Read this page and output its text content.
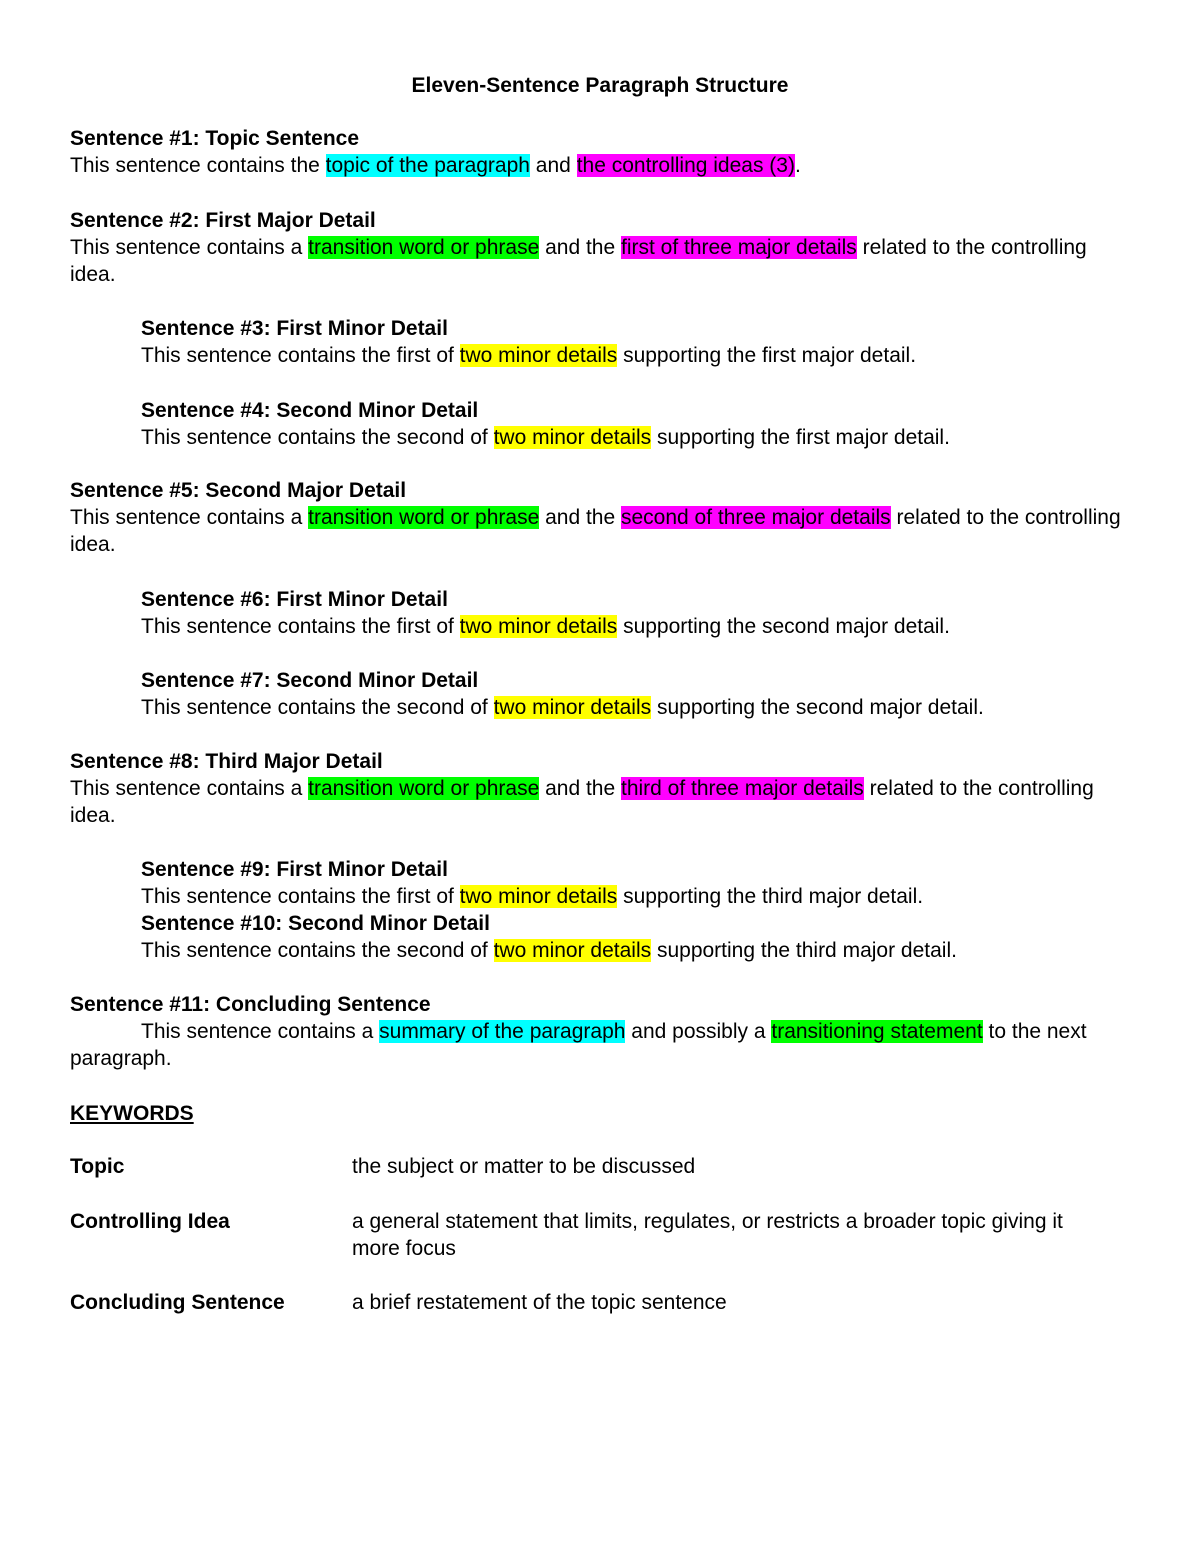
Eleven-Sentence Paragraph Structure
Sentence #1: Topic Sentence

This sentence contains the topic of the paragraph and the controlling ideas (3).

Sentence #2: First Major Detail

This sentence contains a transition word or phrase and the first of three major details related to the controlling idea.

Sentence #3: First Minor Detail

This sentence contains the first of two minor details supporting the first major detail.

Sentence #4: Second Minor Detail

This sentence contains the second of two minor details supporting the first major detail.

Sentence #5: Second Major Detail

This sentence contains a transition word or phrase and the second of three major details related to the controlling idea.

Sentence #6: First Minor Detail

This sentence contains the first of two minor details supporting the second major detail.

Sentence #7: Second Minor Detail

This sentence contains the second of two minor details supporting the second major detail.

Sentence #8: Third Major Detail

This sentence contains a transition word or phrase and the third of three major details related to the controlling idea.

Sentence #9: First Minor Detail

This sentence contains the first of two minor details supporting the third major detail.

Sentence #10: Second Minor Detail

This sentence contains the second of two minor details supporting the third major detail.

Sentence #11: Concluding Sentence

This sentence contains a summary of the paragraph and possibly a transitioning statement to the next paragraph.

KEYWORDS
Topic	the subject or matter to be discussed
Controlling Idea	a general statement that limits, regulates, or restricts a broader topic giving it more focus
Concluding Sentence	a brief restatement of the topic sentence
